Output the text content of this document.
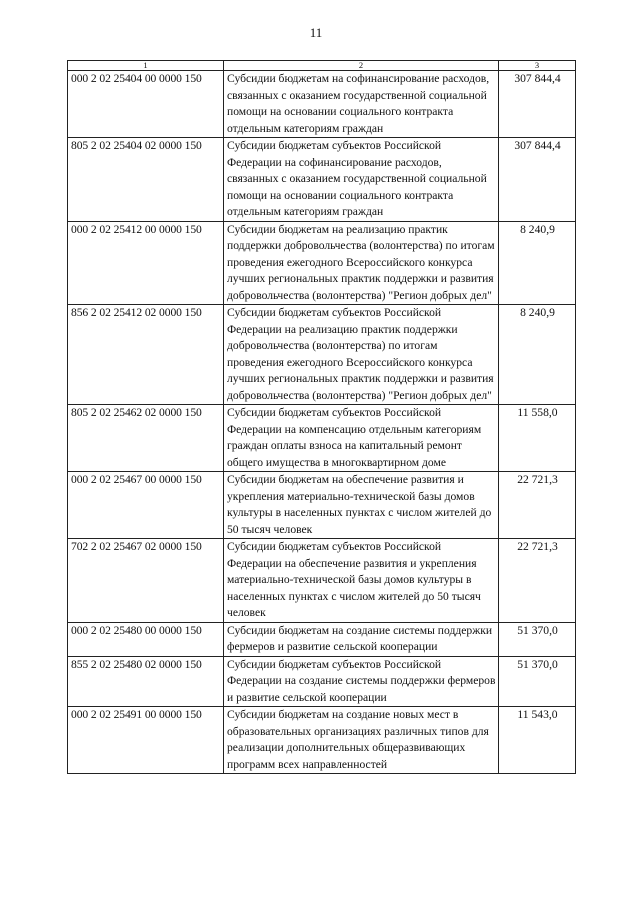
11
1	2	3
000 2 02 25404 00 0000 150	Субсидии бюджетам на софинансирование расходов, связанных с оказанием государственной социальной помощи на основании социального контракта отдельным категориям граждан	307 844,4
805 2 02 25404 02 0000 150	Субсидии бюджетам субъектов Российской Федерации на софинансирование расходов, связанных с оказанием государственной социальной помощи на основании социального контракта отдельным категориям граждан	307 844,4
000 2 02 25412 00 0000 150	Субсидии бюджетам на реализацию практик поддержки добровольчества (волонтерства) по итогам проведения ежегодного Всероссийского конкурса лучших региональных практик поддержки и развития добровольчества (волонтерства) "Регион добрых дел"	8 240,9
856 2 02 25412 02 0000 150	Субсидии бюджетам субъектов Российской Федерации на реализацию практик поддержки добровольчества (волонтерства) по итогам проведения ежегодного Всероссийского конкурса лучших региональных практик поддержки и развития добровольчества (волонтерства) "Регион добрых дел"	8 240,9
805 2 02 25462 02 0000 150	Субсидии бюджетам субъектов Российской Федерации на компенсацию отдельным категориям граждан оплаты взноса на капитальный ремонт общего имущества в многоквартирном доме	11 558,0
000 2 02 25467 00 0000 150	Субсидии бюджетам на обеспечение развития и укрепления материально-технической базы домов культуры в населенных пунктах с числом жителей до 50 тысяч человек	22 721,3
702 2 02 25467 02 0000 150	Субсидии бюджетам субъектов Российской Федерации на обеспечение развития и укрепления материально-технической базы домов культуры в населенных пунктах с числом жителей до 50 тысяч человек	22 721,3
000 2 02 25480 00 0000 150	Субсидии бюджетам на создание системы поддержки фермеров и развитие сельской кооперации	51 370,0
855 2 02 25480 02 0000 150	Субсидии бюджетам субъектов Российской Федерации на создание системы поддержки фермеров и развитие сельской кооперации	51 370,0
000 2 02 25491 00 0000 150	Субсидии бюджетам на создание новых мест в образовательных организациях различных типов для реализации дополнительных общеразвивающих программ всех направленностей	11 543,0
